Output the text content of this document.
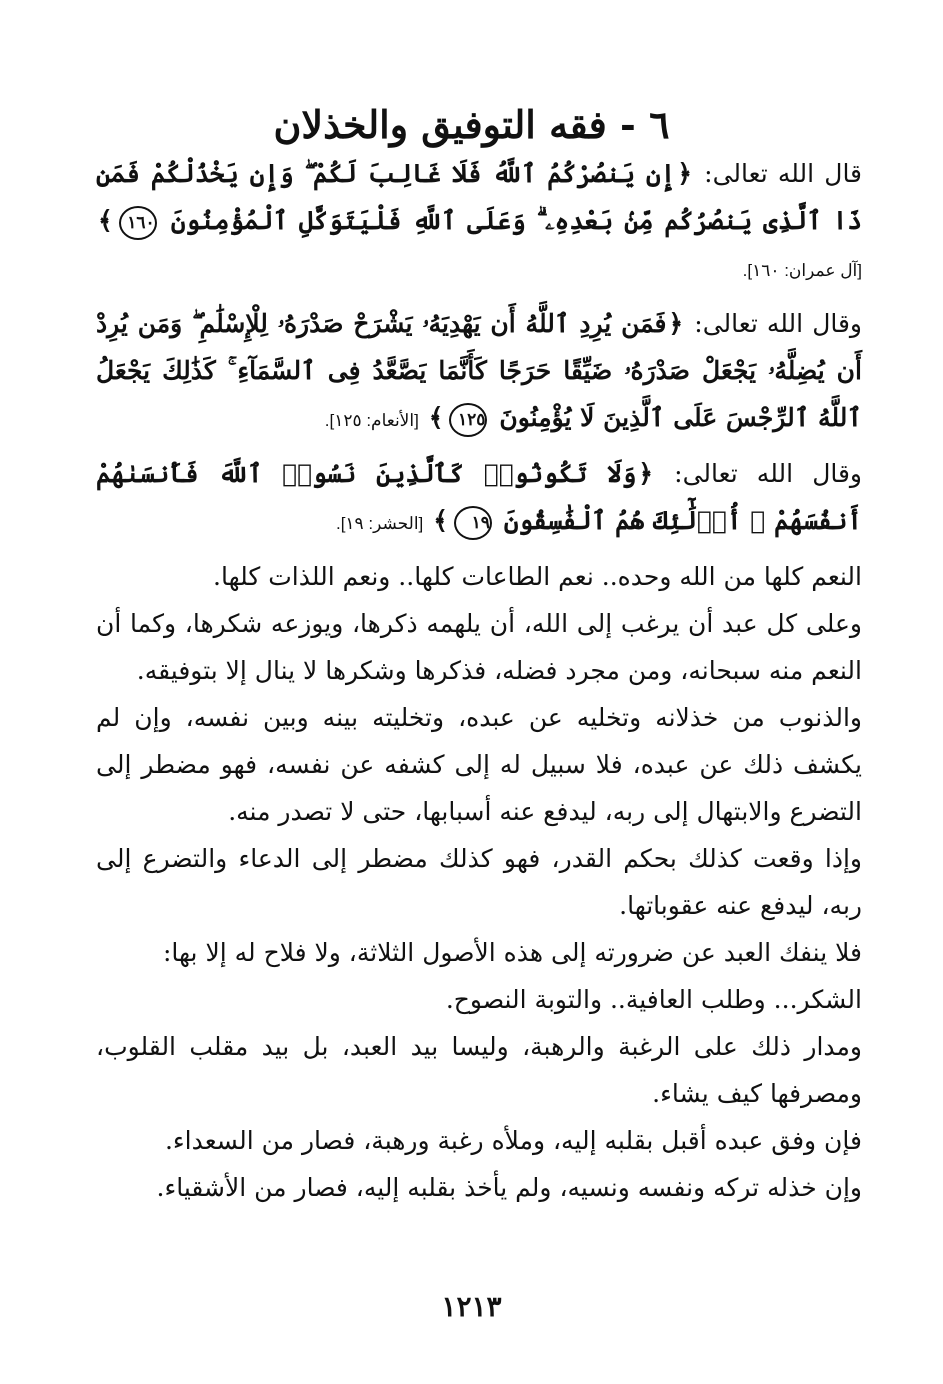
٦ - فقه التوفيق والخذلان

قال الله تعالى: ﴿إِن يَنصُرْكُمُ ٱللَّهُ فَلَا غَالِبَ لَكُمْ ۖ وَإِن يَخْذُلْكُمْ فَمَن ذَا ٱلَّذِى يَنصُرُكُم مِّنۢ بَعْدِهِۦ ۗ وَعَلَى ٱللَّهِ فَلْيَتَوَكَّلِ ٱلْمُؤْمِنُونَ ١٦٠﴾ [آل عمران: ١٦٠].

وقال الله تعالى: ﴿فَمَن يُرِدِ ٱللَّهُ أَن يَهْدِيَهُۥ يَشْرَحْ صَدْرَهُۥ لِلْإِسْلَٰمِ ۖ وَمَن يُرِدْ أَن يُضِلَّهُۥ يَجْعَلْ صَدْرَهُۥ ضَيِّقًا حَرَجًا كَأَنَّمَا يَصَّعَّدُ فِى ٱلسَّمَآءِ ۚ كَذَٰلِكَ يَجْعَلُ ٱللَّهُ ٱلرِّجْسَ عَلَى ٱلَّذِينَ لَا يُؤْمِنُونَ ١٢٥﴾ [الأنعام: ١٢٥].

وقال الله تعالى: ﴿وَلَا تَكُونُوا۟ كَٱلَّذِينَ نَسُوا۟ ٱللَّهَ فَأَنسَىٰهُمْ أَنفُسَهُمْ ۚ أُو۟لَٰٓئِكَ هُمُ ٱلْفَٰسِقُونَ ١٩﴾ [الحشر: ١٩].

النعم كلها من الله وحده.. نعم الطاعات كلها.. ونعم اللذات كلها.

وعلى كل عبد أن يرغب إلى الله، أن يلهمه ذكرها، ويوزعه شكرها، وكما أن النعم منه سبحانه، ومن مجرد فضله، فذكرها وشكرها لا ينال إلا بتوفيقه.

والذنوب من خذلانه وتخليه عن عبده، وتخليته بينه وبين نفسه، وإن لم يكشف ذلك عن عبده، فلا سبيل له إلى كشفه عن نفسه، فهو مضطر إلى التضرع والابتهال إلى ربه، ليدفع عنه أسبابها، حتى لا تصدر منه.

وإذا وقعت كذلك بحكم القدر، فهو كذلك مضطر إلى الدعاء والتضرع إلى ربه، ليدفع عنه عقوباتها.

فلا ينفك العبد عن ضرورته إلى هذه الأصول الثلاثة، ولا فلاح له إلا بها:

الشكر... وطلب العافية.. والتوبة النصوح.

ومدار ذلك على الرغبة والرهبة، وليسا بيد العبد، بل بيد مقلب القلوب، ومصرفها كيف يشاء.

فإن وفق عبده أقبل بقلبه إليه، وملأه رغبة ورهبة، فصار من السعداء.

وإن خذله تركه ونفسه ونسيه، ولم يأخذ بقلبه إليه، فصار من الأشقياء.

١٢١٣
